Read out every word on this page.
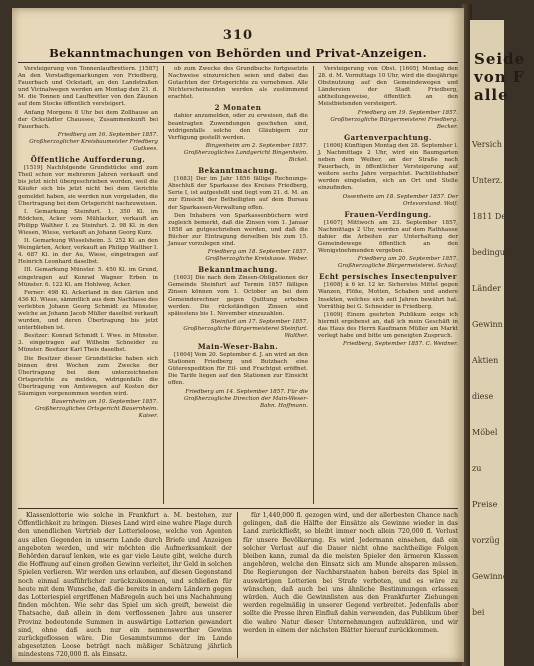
310
Bekanntmachungen von Behörden und Privat-Anzeigen.

Versteigerung von Tonnenlaufbrettern. [1587] An den Vorstadtgemarkungen von Friedberg, Fauerbach und Ockstadt, an den Landstraßen und Vicinalwegen werden am Montag den 21. d. M. die Tonnen und Laufbretter von den Zäunen auf dem Stocke öffentlich versteigert.

Anfang Morgens 8 Uhr bei dem Zollhause an der Ockstädter Chaussee, Zusammenkunft bei Fauerbach.

Friedberg am 16. September 1857. Großherzoglicher Kreisbaumeister Friedberg Gutkees.

Öffentliche Aufforderung.

[1519] Nachfolgende Grundstücke sind zum Theil schon vor mehreren Jahren verkauft und bis jetzt nicht übergeschrieben worden, weil die Käufer sich bis jetzt nicht bei dem Gerichte gemeldet haben, sie werden nun vorgeladen, die Übertragung bei dem Ortsgericht nachzuweisen.

I. Gemarkung Steinfurt. 1. 350 Kl. im Rödchen, Acker vom Mühlacker, verkauft an Philipp Walther I. zu Steinfurt. 2. 98 Kl. in den Wiesen, Wiese, verkauft an Johann Georg Kurz.

II. Gemarkung Wisselsheim. 3. 252 Kl. an den Weingärten, Acker, verkauft an Philipp Walther I. 4. 687 Kl. in der Au, Wiese, eingetragen auf Heinrich Leonhard daselbst.

III. Gemarkung Münster. 5. 450 Kl. im Grund, eingetragen auf Konrad Wagner Erben in Münster. 6. 122 Kl. am Hohlweg, Acker.

Ferner: 498 Kl. Ackerland in den Gärten und 436 Kl. Wiese, sämmtlich aus dem Nachlasse des verlebten Johann Georg Schmidt zu Münster, welche an Johann Jacob Müller daselbst verkauft wurden, und deren Übertragung bis jetzt unterblieben ist.

Besitzer: Konrad Schmidt I. Wwe. in Münster. 3. eingetragen auf Wilhelm Schneider zu Münster. Besitzer Karl Theis daselbst.

Die Besitzer dieser Grundstücke haben sich binnen drei Wochen zum Zwecke der Übertragung bei dem unterzeichneten Ortsgerichte zu melden, widrigenfalls die Übertragung von Amtswegen auf Kosten der Säumigen vorgenommen werden wird.

Bauernheim am 10. September 1857. Großherzogliches Ortsgericht Bauernheim. Kaiser.

ob zum Zwecke des Grundbuchs fortgesetzte Nachweise einzureichen seien und dabei das Gutachten der Ortsgerichte zu vernehmen. Alle Nichterscheinenden werden als zustimmend erachtet.

2 Monaten

dahier anzumelden, oder zu erweisen, daß die beantragten Zuwendungen geschehen sind, widrigenfalls solche den Gläubigern zur Verfügung gestellt werden.

Bingenheim am 2. September 1857. Großherzogliches Landgericht Bingenheim. Bickel.

Bekanntmachung.

[1683] Der im Jahr 1856 fällige Rechnungs-Abschluß der Sparkasse des Kreises Friedberg, Serie I, ist aufgestellt und liegt vom 21. d. M. an zur Einsicht der Betheiligten auf dem Bureau der Sparkassen-Verwaltung offen.

Den Inhabern von Sparkassenbüchern wird zugleich bemerkt, daß die Zinsen vom 1. Januar 1858 an gutgeschrieben werden, und daß die Bücher zur Eintragung derselben bis zum 15. Januar vorzulegen sind.

Friedberg am 18. September 1857. Großherzogliche Kreiskasse. Weber.

Bekanntmachung.

[1603] Die nach dem Zinsen-Obligationen der Gemeinde Steinfurt auf Termin 1857 fälligen Zinsen können vom 1. October an bei dem Gemeinderechner gegen Quittung erhoben werden. Die rückständigen Zinsen sind spätestens bis 1. November einzuzahlen.

Steinfurt am 17. September 1857. Großherzogliche Bürgermeisterei Steinfurt. Walther.

Main-Weser-Bahn.

[1604] Vom 20. September d. J. an wird an den Stationen Friedberg und Butzbach eine Güterexpedition für Eil- und Frachtgut eröffnet. Die Tarife liegen auf den Stationen zur Einsicht offen.

Friedberg am 14. September 1857. Für die Großherzogliche Direction der Main-Weser-Bahn. Hoffmann.

Versteigerung von Obst. [1605] Montag den 28. d. M. Vormittags 10 Uhr, wird die diesjährige Obstnutzung auf den Gemeindewegen und Ländereien der Stadt Friedberg, abtheilungsweise, öffentlich an den Meistbietenden versteigert.

Friedberg am 19. September 1857. Großherzogliche Bürgermeisterei Friedberg. Becker.

Gartenverpachtung.

[1606] Künftigen Montag den 28. September l. J. Nachmittags 2 Uhr, wird ein Baumgarten neben dem Weiher, an der Straße nach Fauerbach, in öffentlicher Versteigerung auf weitere sechs Jahre verpachtet. Pachtliebhaber werden eingeladen, sich an Ort und Stelle einzufinden.

Ossenheim am 18. September 1857. Der Ortsvorstand. Wolf.

Frauen-Verdingung.

[1607] Mittwoch am 23. September 1857, Nachmittags 2 Uhr, werden auf dem Rathhause dahier die Arbeiten zur Unterhaltung der Gemeindewege öffentlich an den Wenigstnehmenden vergeben.

Friedberg am 20. September 1857. Großherzogliche Bürgermeisterei. Schaaf.

Echt persisches Insectenpulver

[1608] à 6 kr. 12 kr. Sicherstes Mittel gegen Wanzen, Flöhe, Motten, Schaben und andere Insekten, welches sich seit Jahren bewährt hat. Vorräthig bei G. Schneider in Friedberg.

[1609] Einem geehrten Publikum zeige ich hiermit ergebenst an, daß ich mein Geschäft in das Haus des Herrn Kaufmann Müller am Markt verlegt habe und bitte um geneigten Zuspruch.

Friedberg, September 1857. C. Weidner.

Klassenlotterie wie solche in Frankfurt a. M. bestehen, zur Öffentlichkeit zu bringen. Dieses Land wird eine wahre Plage durch den unendlichen Vertrieb der Lotterieloose, welche von Agenten aus allen Gegenden in unserm Lande durch Briefe und Anzeigen angeboten werden, und wir möchten die Aufmerksamkeit der Behörden darauf lenken, wie es gar viele Leute gibt, welche durch die Hoffnung auf einen großen Gewinn verleitet, ihr Geld in solchen Spielen verlieren. Wir werden uns erlauben, auf diesen Gegenstand noch einmal ausführlicher zurückzukommen, und schließen für heute mit dem Wunsche, daß die bereits in andern Ländern gegen das Lotteriespiel ergriffenen Maßregeln auch bei uns Nachahmung finden möchten. Wie sehr das Spiel um sich greift, beweist die Thatsache, daß allein in dem verflossenen Jahre aus unserer Provinz bedeutende Summen in auswärtige Lotterien gewandert sind, ohne daß auch nur ein nennenswerther Gewinn zurückgeflossen wäre. Die Gesammtsumme der im Lande abgesetzten Loose beträgt nach mäßiger Schätzung jährlich mindestens 720,000 fl. als Einsatz.

für 1,440,000 fl. gezogen wird, und der allerbesten Chance nach gelingen, daß die Hälfte der Einsätze als Gewinne wieder in das Land zurückfließt, so bleibt immer noch allein 720,000 fl. Verlust für unsere Bevölkerung. Es wird Jedermann einsehen, daß ein solcher Verlust auf die Dauer nicht ohne nachtheilige Folgen bleiben kann, zumal da die meisten Spieler den ärmeren Klassen angehören, welche den Einsatz sich am Munde absparen müssen. Die Regierungen der Nachbarstaaten haben bereits das Spiel in auswärtigen Lotterien bei Strafe verboten, und es wäre zu wünschen, daß auch bei uns ähnliche Bestimmungen erlassen würden. Auch die Gewinnlisten aus den Frankfurter Ziehungen werden regelmäßig in unserer Gegend verbreitet. Jedenfalls aber sollte die Presse ihren Einfluß dahin verwenden, das Publikum über die wahre Natur dieser Unternehmungen aufzuklären, und wir werden in einem der nächsten Blätter hierauf zurückkommen.

Seide
von F
alle
Versich
Unterz.
1811 De
bedingun
Länder
Gewinn
Aktien
diese
Möbel
zu
Preise
vorzüg
Gewinne
bei
